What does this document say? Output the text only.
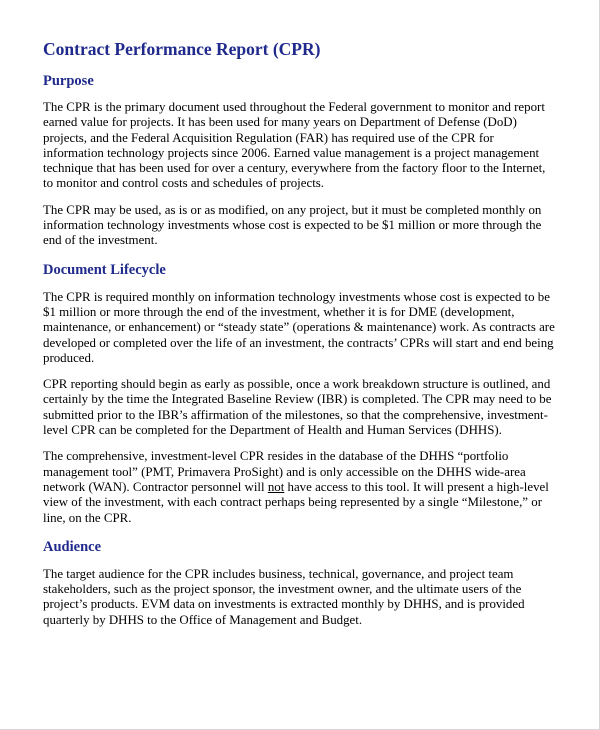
Contract Performance Report (CPR)
Purpose

The CPR is the primary document used throughout the Federal government to monitor and report earned value for projects. It has been used for many years on Department of Defense (DoD) projects, and the Federal Acquisition Regulation (FAR) has required use of the CPR for information technology projects since 2006. Earned value management is a project management technique that has been used for over a century, everywhere from the factory floor to the Internet, to monitor and control costs and schedules of projects.

The CPR may be used, as is or as modified, on any project, but it must be completed monthly on information technology investments whose cost is expected to be $1 million or more through the end of the investment.

Document Lifecycle

The CPR is required monthly on information technology investments whose cost is expected to be $1 million or more through the end of the investment, whether it is for DME (development, maintenance, or enhancement) or “steady state” (operations & maintenance) work. As contracts are developed or completed over the life of an investment, the contracts’ CPRs will start and end being produced.

CPR reporting should begin as early as possible, once a work breakdown structure is outlined, and certainly by the time the Integrated Baseline Review (IBR) is completed. The CPR may need to be submitted prior to the IBR’s affirmation of the milestones, so that the comprehensive, investment-level CPR can be completed for the Department of Health and Human Services (DHHS).

The comprehensive, investment-level CPR resides in the database of the DHHS “portfolio management tool” (PMT, Primavera ProSight) and is only accessible on the DHHS wide-area network (WAN). Contractor personnel will not have access to this tool. It will present a high-level view of the investment, with each contract perhaps being represented by a single “Milestone,” or line, on the CPR.

Audience

The target audience for the CPR includes business, technical, governance, and project team stakeholders, such as the project sponsor, the investment owner, and the ultimate users of the project’s products. EVM data on investments is extracted monthly by DHHS, and is provided quarterly by DHHS to the Office of Management and Budget.
